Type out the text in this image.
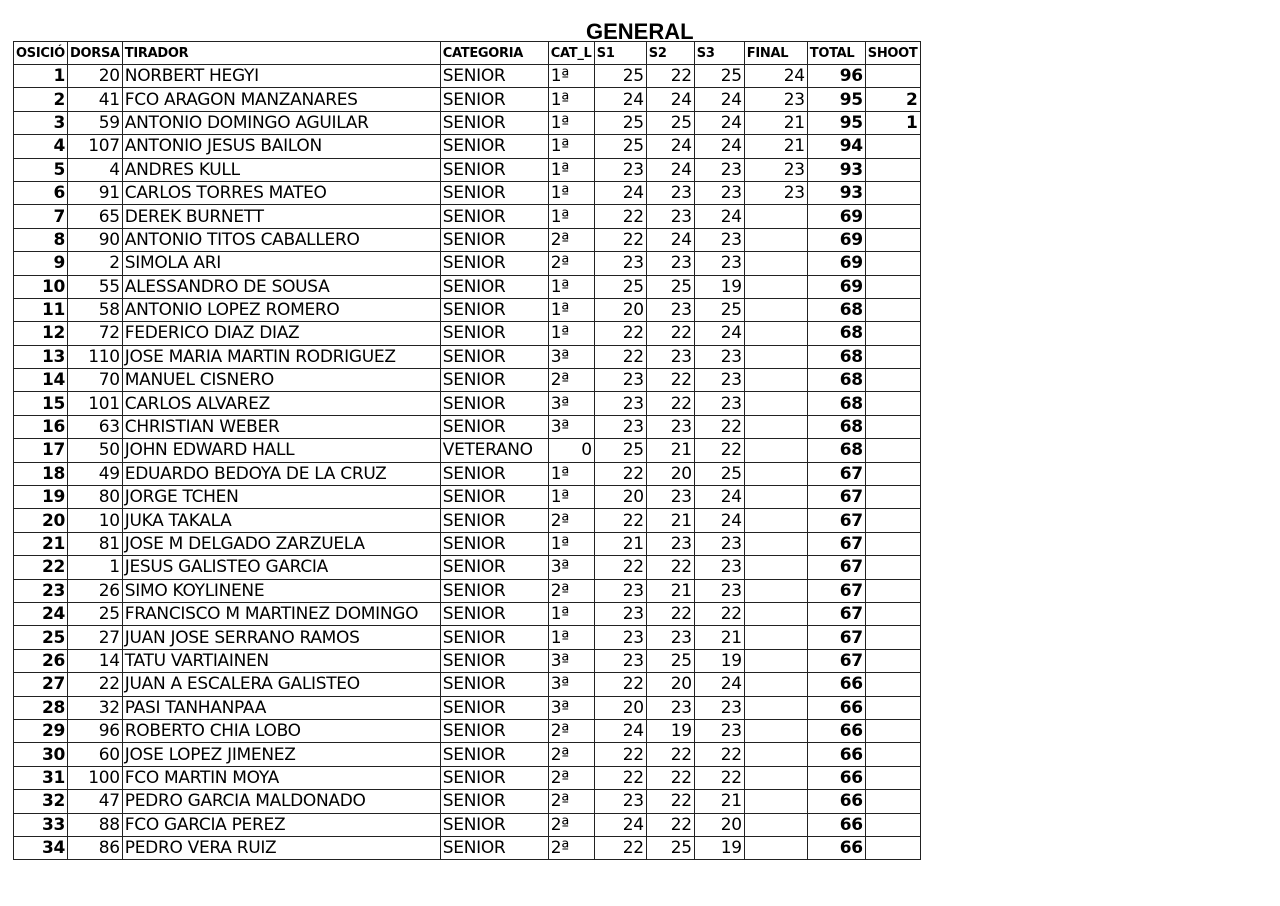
GENERAL
OSICIÓ	DORSA	TIRADOR	CATEGORIA	CAT_L	S1	S2	S3	FINAL	TOTAL	SHOOT
1	20	NORBERT HEGYI	SENIOR	1ª	25	22	25	24	96	
2	41	FCO ARAGON MANZANARES	SENIOR	1ª	24	24	24	23	95	2
3	59	ANTONIO DOMINGO AGUILAR	SENIOR	1ª	25	25	24	21	95	1
4	107	ANTONIO JESUS BAILON	SENIOR	1ª	25	24	24	21	94	
5	4	ANDRES KULL	SENIOR	1ª	23	24	23	23	93	
6	91	CARLOS TORRES MATEO	SENIOR	1ª	24	23	23	23	93	
7	65	DEREK BURNETT	SENIOR	1ª	22	23	24		69	
8	90	ANTONIO TITOS CABALLERO	SENIOR	2ª	22	24	23		69	
9	2	SIMOLA ARI	SENIOR	2ª	23	23	23		69	
10	55	ALESSANDRO DE SOUSA	SENIOR	1ª	25	25	19		69	
11	58	ANTONIO LOPEZ ROMERO	SENIOR	1ª	20	23	25		68	
12	72	FEDERICO DIAZ DIAZ	SENIOR	1ª	22	22	24		68	
13	110	JOSE MARIA MARTIN RODRIGUEZ	SENIOR	3ª	22	23	23		68	
14	70	MANUEL CISNERO	SENIOR	2ª	23	22	23		68	
15	101	CARLOS ALVAREZ	SENIOR	3ª	23	22	23		68	
16	63	CHRISTIAN WEBER	SENIOR	3ª	23	23	22		68	
17	50	JOHN EDWARD HALL	VETERANO	0	25	21	22		68	
18	49	EDUARDO BEDOYA DE LA CRUZ	SENIOR	1ª	22	20	25		67	
19	80	JORGE TCHEN	SENIOR	1ª	20	23	24		67	
20	10	JUKA TAKALA	SENIOR	2ª	22	21	24		67	
21	81	JOSE M DELGADO ZARZUELA	SENIOR	1ª	21	23	23		67	
22	1	JESUS GALISTEO GARCIA	SENIOR	3ª	22	22	23		67	
23	26	SIMO KOYLINENE	SENIOR	2ª	23	21	23		67	
24	25	FRANCISCO M MARTINEZ DOMINGO	SENIOR	1ª	23	22	22		67	
25	27	JUAN JOSE SERRANO RAMOS	SENIOR	1ª	23	23	21		67	
26	14	TATU VARTIAINEN	SENIOR	3ª	23	25	19		67	
27	22	JUAN A ESCALERA GALISTEO	SENIOR	3ª	22	20	24		66	
28	32	PASI TANHANPAA	SENIOR	3ª	20	23	23		66	
29	96	ROBERTO CHIA LOBO	SENIOR	2ª	24	19	23		66	
30	60	JOSE LOPEZ JIMENEZ	SENIOR	2ª	22	22	22		66	
31	100	FCO MARTIN MOYA	SENIOR	2ª	22	22	22		66	
32	47	PEDRO GARCIA MALDONADO	SENIOR	2ª	23	22	21		66	
33	88	FCO GARCIA PEREZ	SENIOR	2ª	24	22	20		66	
34	86	PEDRO VERA RUIZ	SENIOR	2ª	22	25	19		66	
